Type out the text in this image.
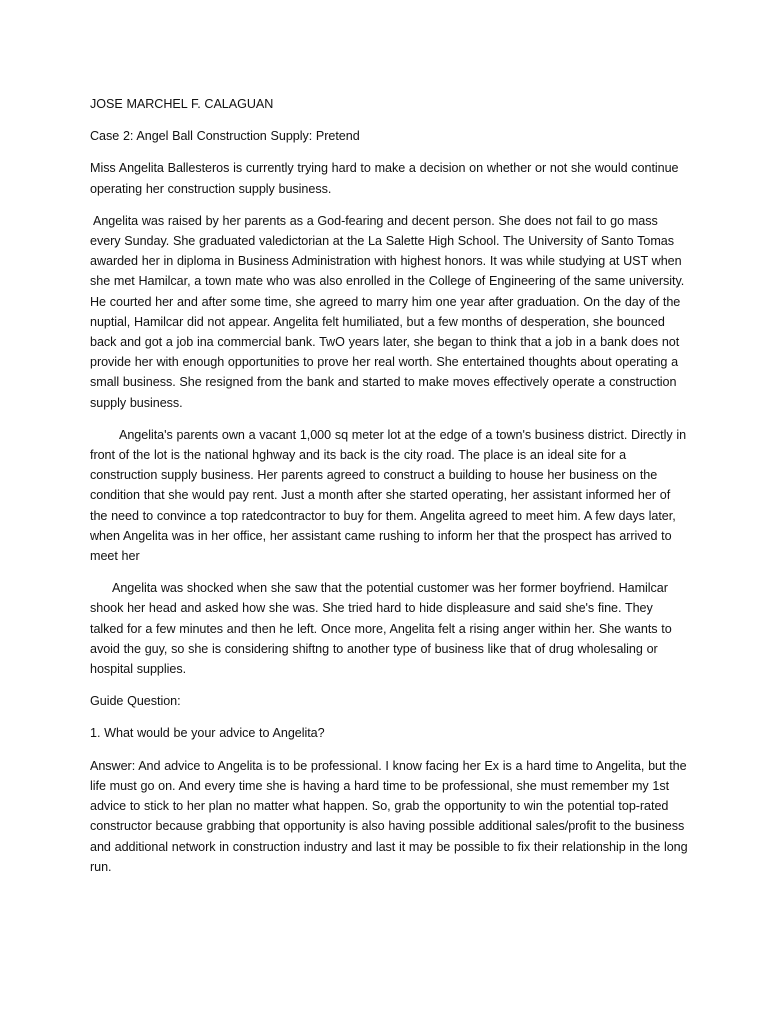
JOSE MARCHEL F. CALAGUAN

Case 2: Angel Ball Construction Supply: Pretend

Miss Angelita Ballesteros is currently trying hard to make a decision on whether or not she would continue operating her construction supply business.

Angelita was raised by her parents as a God-fearing and decent person. She does not fail to go mass every Sunday. She graduated valedictorian at the La Salette High School. The University of Santo Tomas awarded her in diploma in Business Administration with highest honors. It was while studying at UST when she met Hamilcar, a town mate who was also enrolled in the College of Engineering of the same university. He courted her and after some time, she agreed to marry him one year after graduation. On the day of the nuptial, Hamilcar did not appear. Angelita felt humiliated, but a few months of desperation, she bounced back and got a job ina commercial bank. TwO years later, she began to think that a job in a bank does not provide her with enough opportunities to prove her real worth. She entertained thoughts about operating a small business. She resigned from the bank and started to make moves effectively operate a construction supply business.

Angelita's parents own a vacant 1,000 sq meter lot at the edge of a town's business district. Directly in front of the lot is the national hghway and its back is the city road. The place is an ideal site for a construction supply business. Her parents agreed to construct a building to house her business on the condition that she would pay rent. Just a month after she started operating, her assistant informed her of the need to convince a top ratedcontractor to buy for them. Angelita agreed to meet him. A few days later, when Angelita was in her office, her assistant came rushing to inform her that the prospect has arrived to meet her

Angelita was shocked when she saw that the potential customer was her former boyfriend. Hamilcar shook her head and asked how she was. She tried hard to hide displeasure and said she's fine. They talked for a few minutes and then he left. Once more, Angelita felt a rising anger within her. She wants to avoid the guy, so she is considering shiftng to another type of business like that of drug wholesaling or hospital supplies.

Guide Question:

1. What would be your advice to Angelita?

Answer: And advice to Angelita is to be professional. I know facing her Ex is a hard time to Angelita, but the life must go on. And every time she is having a hard time to be professional, she must remember my 1st advice to stick to her plan no matter what happen. So, grab the opportunity to win the potential top-rated constructor because grabbing that opportunity is also having possible additional sales/profit to the business and additional network in construction industry and last it may be possible to fix their relationship in the long run.
